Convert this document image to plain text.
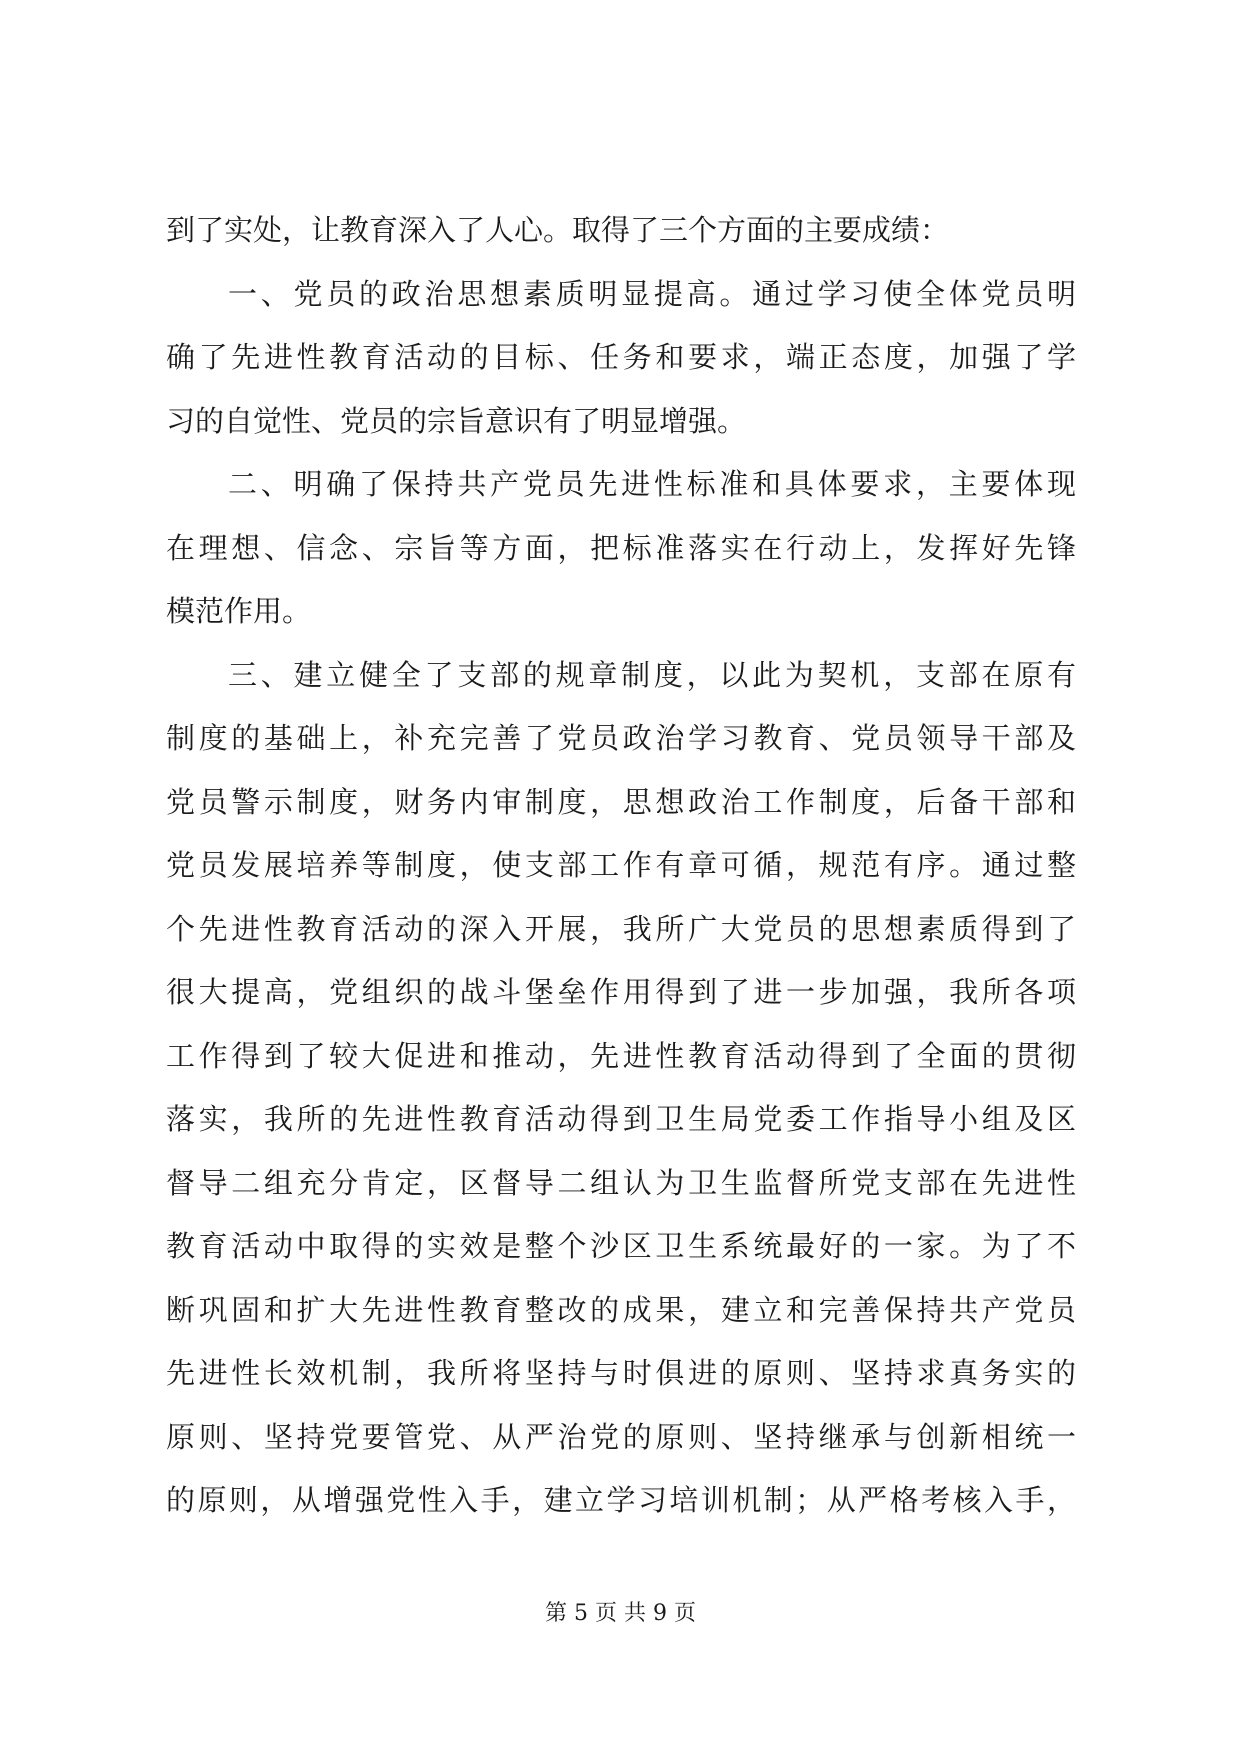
到了实处，让教育深入了人心。取得了三个方面的主要成绩：
一、党员的政治思想素质明显提高。通过学习使全体党员明
确了先进性教育活动的目标、任务和要求，端正态度，加强了学
习的自觉性、党员的宗旨意识有了明显增强。
二、明确了保持共产党员先进性标准和具体要求，主要体现
在理想、信念、宗旨等方面，把标准落实在行动上，发挥好先锋
模范作用。
三、建立健全了支部的规章制度，以此为契机，支部在原有
制度的基础上，补充完善了党员政治学习教育、党员领导干部及
党员警示制度，财务内审制度，思想政治工作制度，后备干部和
党员发展培养等制度，使支部工作有章可循，规范有序。通过整
个先进性教育活动的深入开展，我所广大党员的思想素质得到了
很大提高，党组织的战斗堡垒作用得到了进一步加强，我所各项
工作得到了较大促进和推动，先进性教育活动得到了全面的贯彻
落实，我所的先进性教育活动得到卫生局党委工作指导小组及区
督导二组充分肯定，区督导二组认为卫生监督所党支部在先进性
教育活动中取得的实效是整个沙区卫生系统最好的一家。为了不
断巩固和扩大先进性教育整改的成果，建立和完善保持共产党员
先进性长效机制，我所将坚持与时俱进的原则、坚持求真务实的
原则、坚持党要管党、从严治党的原则、坚持继承与创新相统一
的原则，从增强党性入手，建立学习培训机制；从严格考核入手，
第 5 页 共 9 页
